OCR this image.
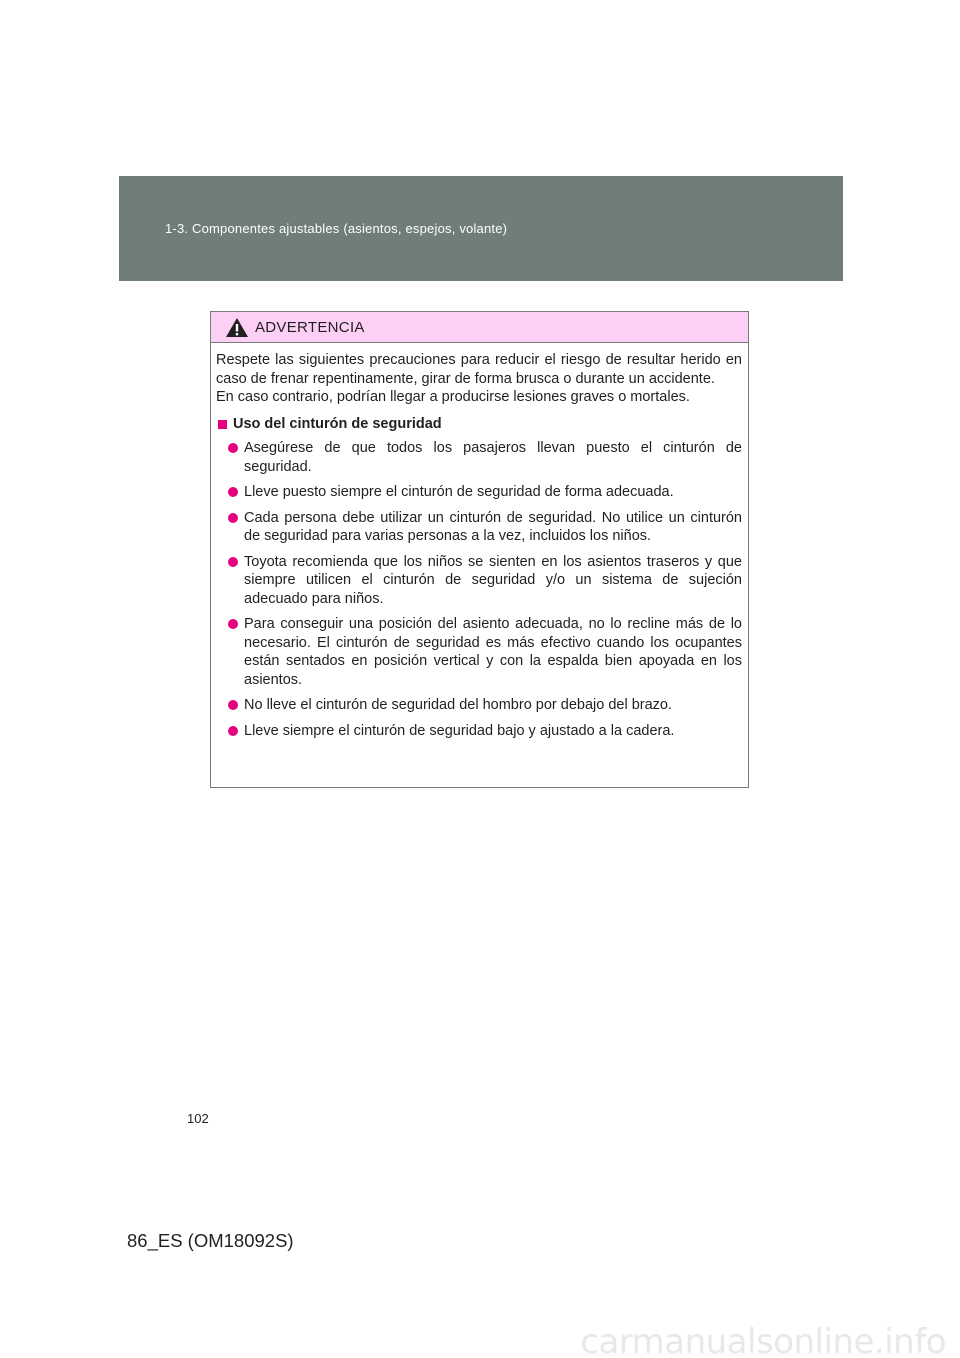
1-3. Componentes ajustables (asientos, espejos, volante)
ADVERTENCIA

Respete las siguientes precauciones para reducir el riesgo de resultar herido en caso de frenar repentinamente, girar de forma brusca o durante un accidente.

En caso contrario, podrían llegar a producirse lesiones graves o mortales.

Uso del cinturón de seguridad
Asegúrese de que todos los pasajeros llevan puesto el cinturón de seguridad.
Lleve puesto siempre el cinturón de seguridad de forma adecuada.
Cada persona debe utilizar un cinturón de seguridad. No utilice un cinturón de seguridad para varias personas a la vez, incluidos los niños.
Toyota recomienda que los niños se sienten en los asientos traseros y que siempre utilicen el cinturón de seguridad y/o un sistema de sujeción adecuado para niños.
Para conseguir una posición del asiento adecuada, no lo recline más de lo necesario. El cinturón de seguridad es más efectivo cuando los ocupantes están sentados en posición vertical y con la espalda bien apoyada en los asientos.
No lleve el cinturón de seguridad del hombro por debajo del brazo.
Lleve siempre el cinturón de seguridad bajo y ajustado a la cadera.
102
86_ES (OM18092S)
carmanualsonline.info
